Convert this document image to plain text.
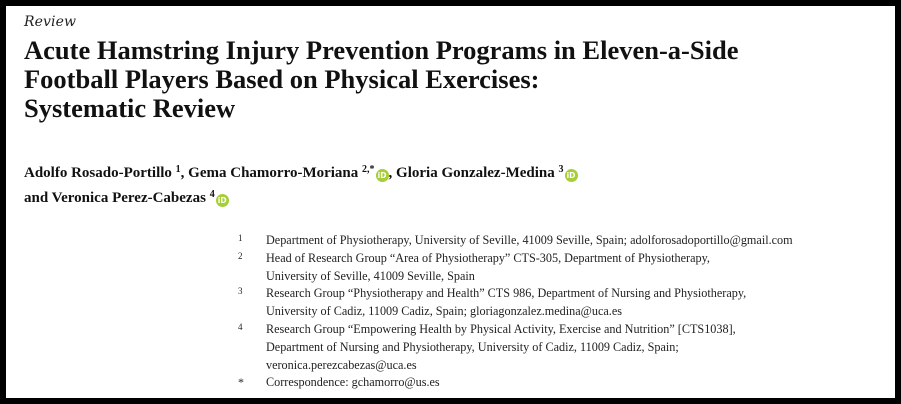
Review
Acute Hamstring Injury Prevention Programs in Eleven-a-Side
Football Players Based on Physical Exercises:
Systematic Review
Adolfo Rosado-Portillo $^1$, Gema Chamorro-Moriana $^{2,*}$iD , Gloria Gonzalez-Medina $^3$iD
and Veronica Perez-Cabezas $^4$iD
1 Department of Physiotherapy, University of Seville, 41009 Seville, Spain; adolforosadoportillo@gmail.com
2 Head of Research Group “Area of Physiotherapy” CTS-305, Department of Physiotherapy,
University of Seville, 41009 Seville, Spain
3 Research Group “Physiotherapy and Health” CTS 986, Department of Nursing and Physiotherapy,
University of Cadiz, 11009 Cadiz, Spain; gloriagonzalez.medina@uca.es
4 Research Group “Empowering Health by Physical Activity, Exercise and Nutrition” [CTS1038],
Department of Nursing and Physiotherapy, University of Cadiz, 11009 Cadiz, Spain;
veronica.perezcabezas@uca.es
* Correspondence: gchamorro@us.es
